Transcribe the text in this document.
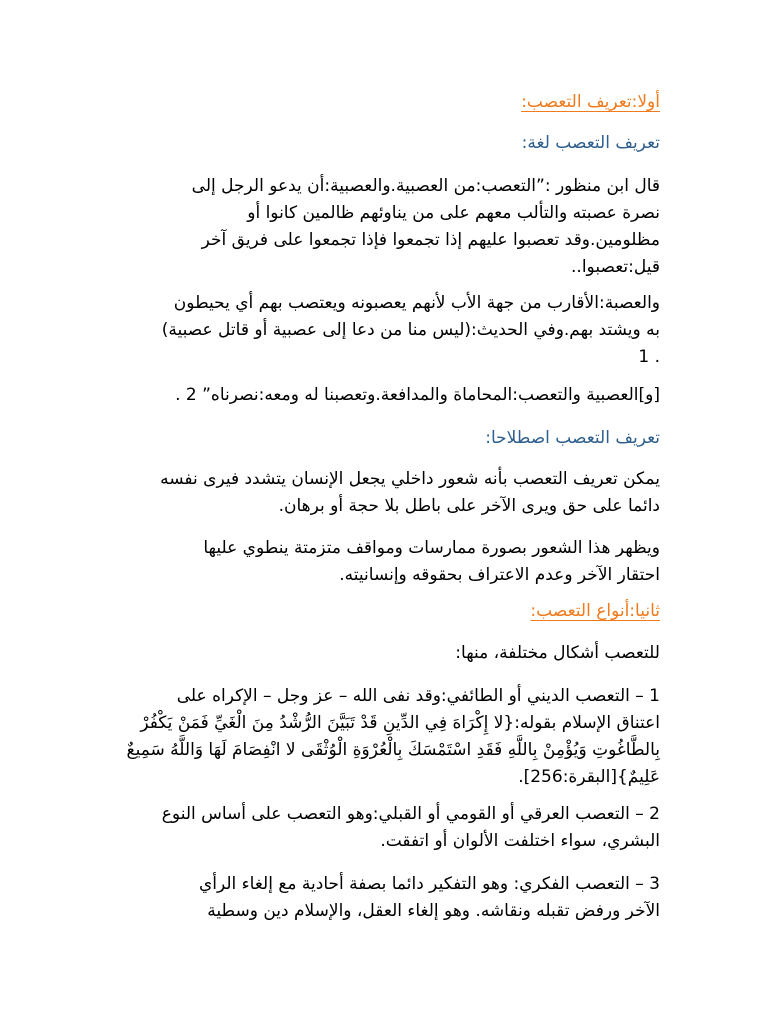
أولا:تعريف التعصب:
تعريف التعصب لغة:
قال ابن منظور :”التعصب:من العصبية.والعصبية:أن يدعو الرجل إلى
نصرة عصبته والتألب معهم على من يناوئهم ظالمين كانوا أو
مظلومين.وقد تعصبوا عليهم إذا تجمعوا فإذا تجمعوا على فريق آخر
قيل:تعصبوا..
والعصبة:الأقارب من جهة الأب لأنهم يعصبونه ويعتصب بهم أي يحيطون
به ويشتد بهم.وفي الحديث:(ليس منا من دعا إلى عصبية أو قاتل عصبية)
. 1
[و]العصبية والتعصب:المحاماة والمدافعة.وتعصبنا له ومعه:نصرناه” 2 .
تعريف التعصب اصطلاحا:
يمكن تعريف التعصب بأنه شعور داخلي يجعل الإنسان يتشدد فيرى نفسه
دائما على حق ويرى الآخر على باطل بلا حجة أو برهان.
ويظهر هذا الشعور بصورة ممارسات ومواقف متزمتة ينطوي عليها
احتقار الآخر وعدم الاعتراف بحقوقه وإنسانيته.
ثانيا:أنواع التعصب:
للتعصب أشكال مختلفة، منها:
1 – التعصب الديني أو الطائفي:وقد نفى الله – عز وجل – الإكراه على
اعتناق الإسلام بقوله:{لا إِكْرَاهَ فِي الدِّينِ قَدْ تَبَيَّنَ الرُّشْدُ مِنَ الْغَيِّ فَمَنْ يَكْفُرْ
بِالطَّاغُوتِ وَيُؤْمِنْ بِاللَّهِ فَقَدِ اسْتَمْسَكَ بِالْعُرْوَةِ الْوُثْقَى لا انْفِصَامَ لَهَا وَاللَّهُ سَمِيعٌ
عَلِيمٌ}[البقرة:256].
2 – التعصب العرقي أو القومي أو القبلي:وهو التعصب على أساس النوع
البشري، سواء اختلفت الألوان أو اتفقت.
3 – التعصب الفكري: وهو التفكير دائما بصفة أحادية مع إلغاء الرأي
الآخر ورفض تقبله ونقاشه. وهو إلغاء العقل، والإسلام دين وسطية
